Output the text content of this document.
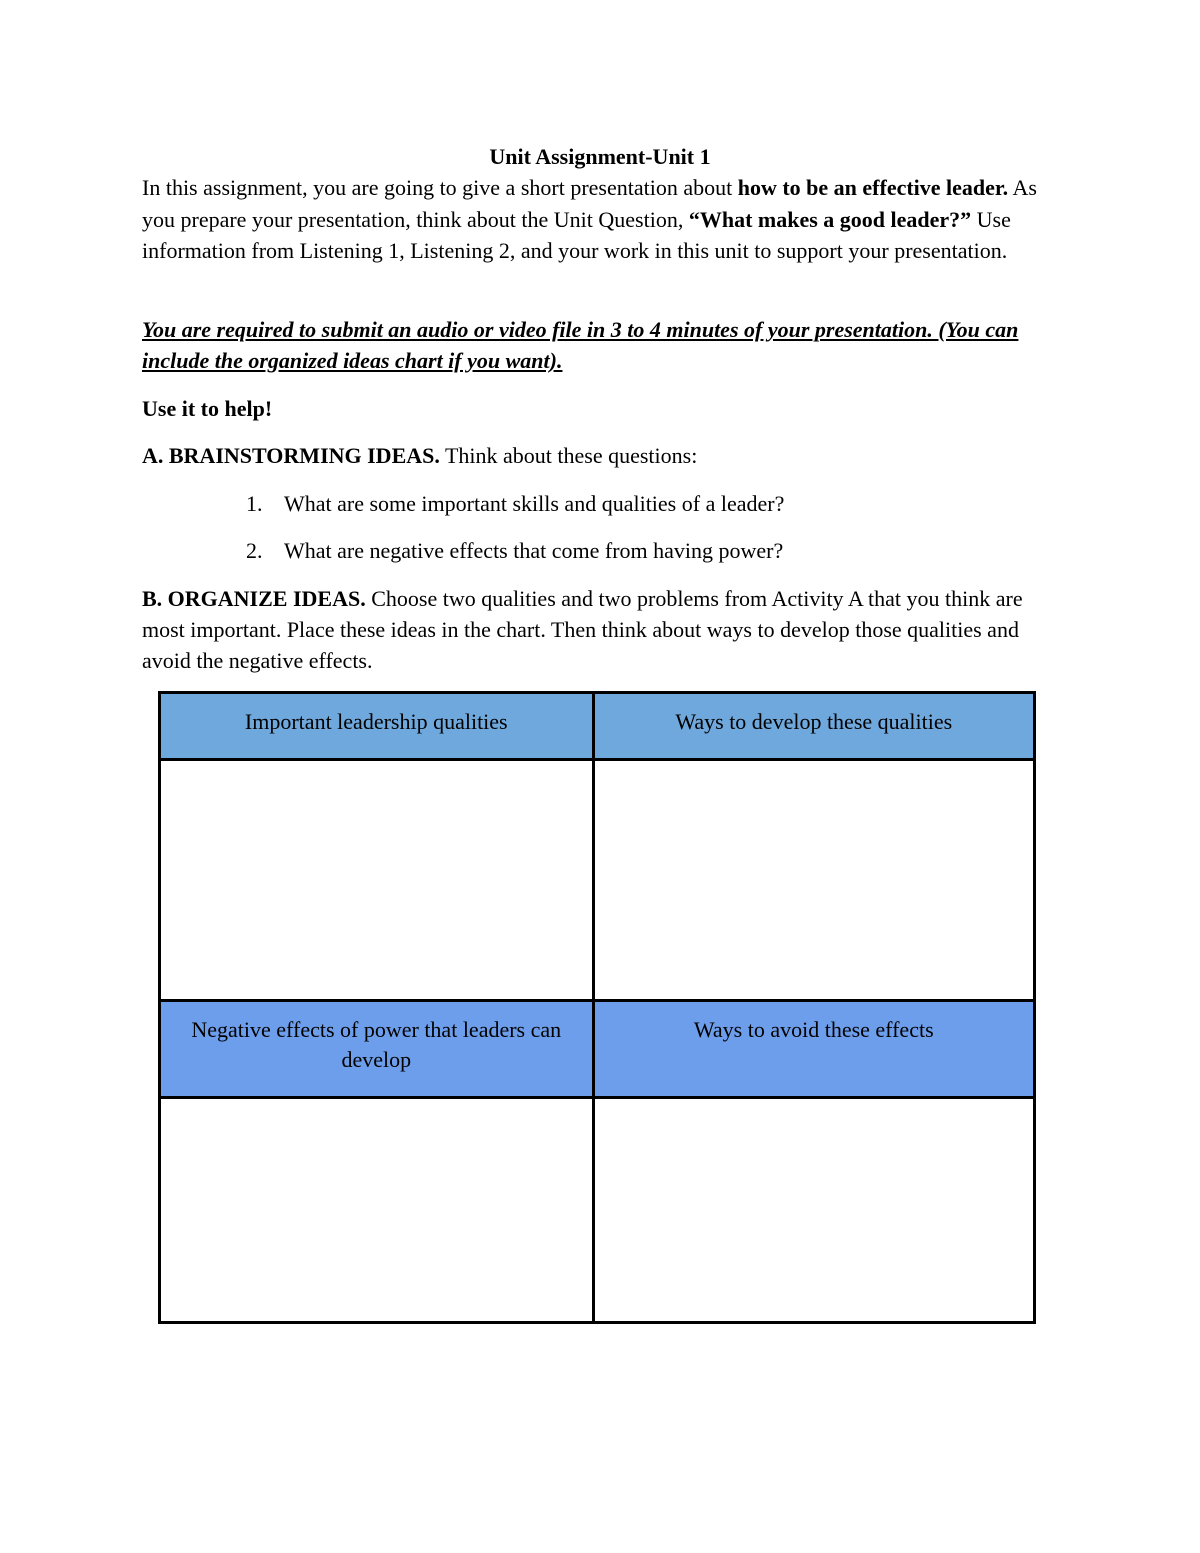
Unit Assignment-Unit 1

In this assignment, you are going to give a short presentation about how to be an effective leader. As you prepare your presentation, think about the Unit Question, “What makes a good leader?” Use information from Listening 1, Listening 2, and your work in this unit to support your presentation.

You are required to submit an audio or video file in 3 to 4 minutes of your presentation. (You can include the organized ideas chart if you want).

Use it to help!

A. BRAINSTORMING IDEAS. Think about these questions:

1. What are some important skills and qualities of a leader?
2. What are negative effects that come from having power?

B. ORGANIZE IDEAS. Choose two qualities and two problems from Activity A that you think are most important. Place these ideas in the chart. Then think about ways to develop those qualities and avoid the negative effects.

Important leadership qualities	Ways to develop these qualities

Negative effects of power that leaders can develop	Ways to avoid these effects
